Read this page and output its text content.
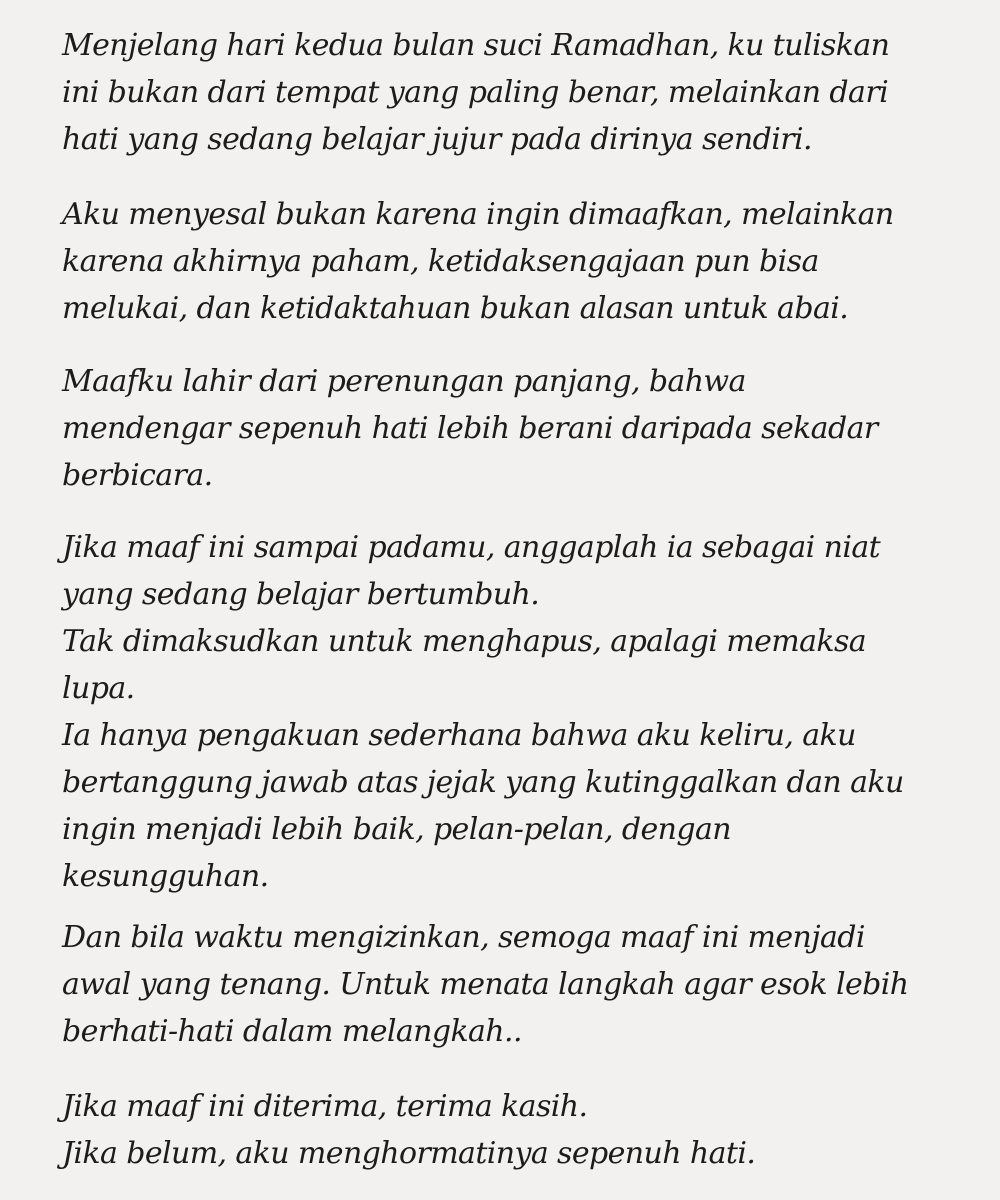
Menjelang hari kedua bulan suci Ramadhan, ku tuliskan
ini bukan dari tempat yang paling benar, melainkan dari
hati yang sedang belajar jujur pada dirinya sendiri.

Aku menyesal bukan karena ingin dimaafkan, melainkan
karena akhirnya paham, ketidaksengajaan pun bisa
melukai, dan ketidaktahuan bukan alasan untuk abai.

Maafku lahir dari perenungan panjang, bahwa
mendengar sepenuh hati lebih berani daripada sekadar
berbicara.

Jika maaf ini sampai padamu, anggaplah ia sebagai niat
yang sedang belajar bertumbuh.
Tak dimaksudkan untuk menghapus, apalagi memaksa
lupa.
Ia hanya pengakuan sederhana bahwa aku keliru, aku
bertanggung jawab atas jejak yang kutinggalkan dan aku
ingin menjadi lebih baik, pelan-pelan, dengan
kesungguhan.

Dan bila waktu mengizinkan, semoga maaf ini menjadi
awal yang tenang. Untuk menata langkah agar esok lebih
berhati-hati dalam melangkah..

Jika maaf ini diterima, terima kasih.
Jika belum, aku menghormatinya sepenuh hati.
